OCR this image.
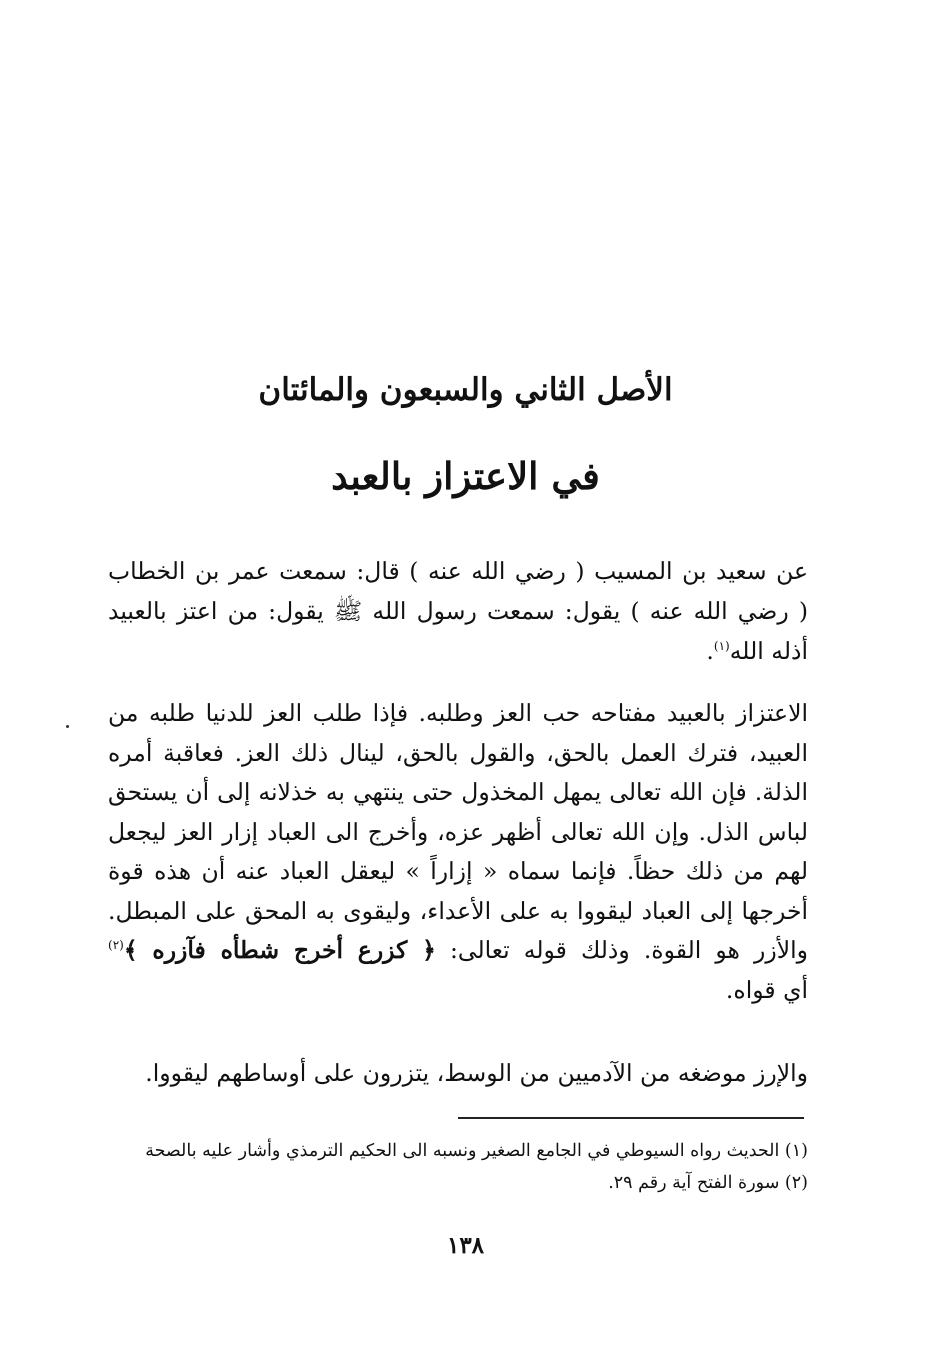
الأصل الثاني والسبعون والمائتان
في الاعتزاز بالعبد
عن سعيد بن المسيب ( رضي الله عنه ) قال: سمعت عمر بن الخطاب
( رضي الله عنه ) يقول: سمعت رسول الله ﷺ يقول: من اعتز بالعبيد
أذله الله$^{(١)}$.
الاعتزاز بالعبيد مفتاحه حب العز وطلبه. فإذا طلب العز للدنيا طلبه من
العبيد، فترك العمل بالحق، والقول بالحق، لينال ذلك العز. فعاقبة أمره
الذلة. فإن الله تعالى يمهل المخذول حتى ينتهي به خذلانه إلى أن يستحق
لباس الذل. وإن الله تعالى أظهر عزه، وأخرج الى العباد إزار العز ليجعل
لهم من ذلك حظاً. فإنما سماه « إزاراً » ليعقل العباد عنه أن هذه قوة
أخرجها إلى العباد ليقووا به على الأعداء، وليقوى به المحق على المبطل.
والأزر هو القوة. وذلك قوله تعالى: ﴿ كزرع أخرج شطأه فآزره ﴾$^{(٢)}$
أي قواه.
والإرز موضغه من الآدميين من الوسط، يتزرون على أوساطهم ليقووا.
(١) الحديث رواه السيوطي في الجامع الصغير ونسبه الى الحكيم الترمذي وأشار عليه بالصحة
(٢) سورة الفتح آية رقم ٢٩.
١٣٨
